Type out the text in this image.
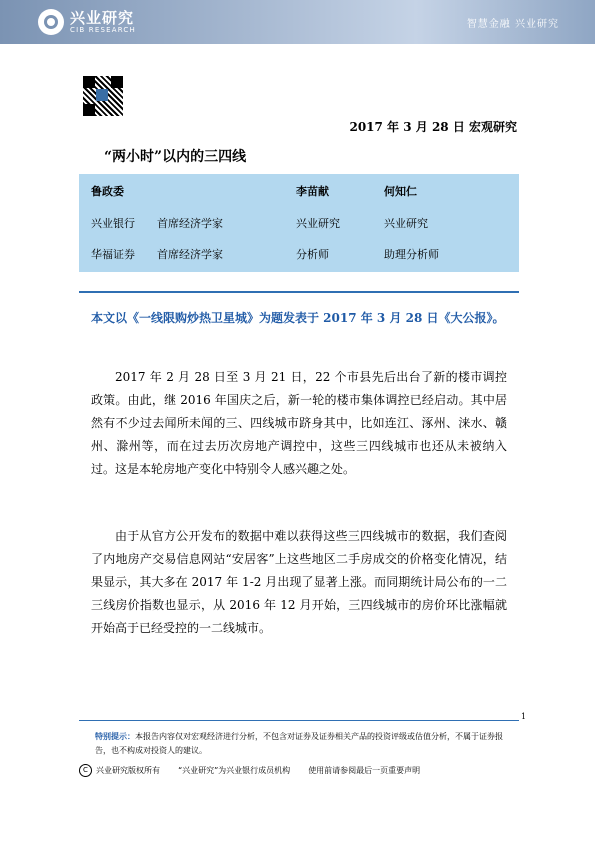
兴业研究
CIB RESEARCH	智慧金融 兴业研究
2017 年 3 月 28 日 宏观研究
“两小时”以内的三四线
鲁政委
兴业银行 首席经济学家
华福证券 首席经济学家
李苗献
兴业研究
分析师
何知仁
兴业研究
助理分析师
本文以《一线限购炒热卫星城》为题发表于 2017 年 3 月 28 日《大公报》。
2017 年 2 月 28 日至 3 月 21 日，22 个市县先后出台了新的楼市调控政策。由此，继 2016 年国庆之后，新一轮的楼市集体调控已经启动。其中居然有不少过去闻所未闻的三、四线城市跻身其中，比如连江、涿州、涞水、赣州、滁州等，而在过去历次房地产调控中，这些三四线城市也还从未被纳入过。这是本轮房地产变化中特别令人感兴趣之处。
由于从官方公开发布的数据中难以获得这些三四线城市的数据，我们查阅了内地房产交易信息网站“安居客”上这些地区二手房成交的价格变化情况，结果显示，其大多在 2017 年 1-2 月出现了显著上涨。而同期统计局公布的一二三线房价指数也显示，从 2016 年 12 月开始，三四线城市的房价环比涨幅就开始高于已经受控的一二线城市。
1
特别提示：本报告内容仅对宏观经济进行分析，不包含对证券及证券相关产品的投资评级或估值分析，不属于证券报告，也不构成对投资人的建议。
C	兴业研究版权所有 “兴业研究”为兴业银行成员机构 使用前请参阅最后一页重要声明
